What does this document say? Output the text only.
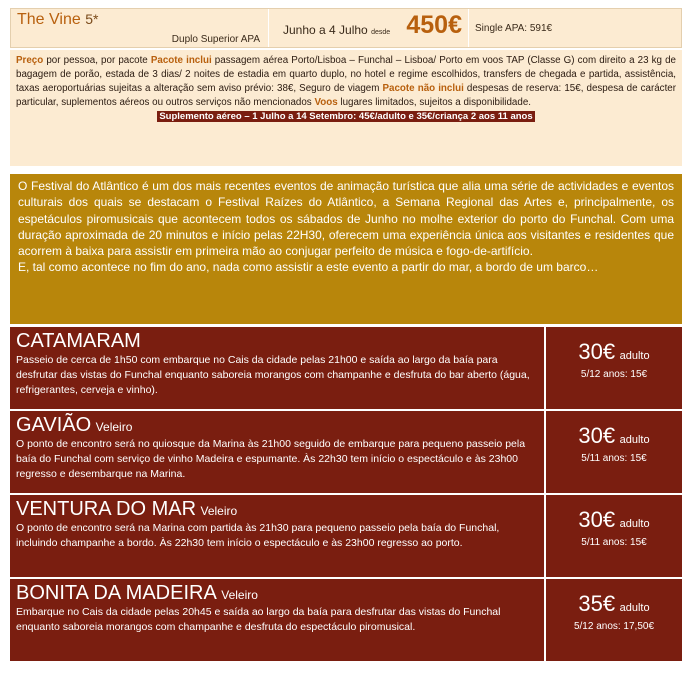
The Vine 5*
Duplo Superior APA
Junho a 4 Julho desde 450€ Single APA: 591€
Preço por pessoa, por pacote Pacote inclui passagem aérea Porto/Lisboa – Funchal – Lisboa/ Porto em voos TAP (Classe G) com direito a 23 kg de bagagem de porão, estada de 3 dias/ 2 noites de estadia em quarto duplo, no hotel e regime escolhidos, transfers de chegada e partida, assistência, taxas aeroportuárias sujeitas a alteração sem aviso prévio: 38€, Seguro de viagem Pacote não inclui despesas de reserva: 15€, despesa de carácter particular, suplementos aéreos ou outros serviços não mencionados Voos lugares limitados, sujeitos a disponibilidade.
Suplemento aéreo – 1 Julho a 14 Setembro: 45€/adulto e 35€/criança 2 aos 11 anos

O Festival do Atlântico é um dos mais recentes eventos de animação turística que alia uma série de actividades e eventos culturais dos quais se destacam o Festival Raízes do Atlântico, a Semana Regional das Artes e, principalmente, os espetáculos piromusicais que acontecem todos os sábados de Junho no molhe exterior do porto do Funchal. Com uma duração aproximada de 20 minutos e início pelas 22H30, oferecem uma experiência única aos visitantes e residentes que acorrem à baixa para assistir em primeira mão ao conjugar perfeito de música e fogo-de-artifício.

E, tal como acontece no fim do ano, nada como assistir a este evento a partir do mar, a bordo de um barco…

CATAMARAM
Passeio de cerca de 1h50 com embarque no Cais da cidade pelas 21h00 e saída ao largo da baía para desfrutar das vistas do Funchal enquanto saboreia morangos com champanhe e desfruta do bar aberto (água, refrigerantes, cerveja e vinho).
30€ adulto
5/12 anos: 15€
GAVIÃO Veleiro
O ponto de encontro será no quiosque da Marina às 21h00 seguido de embarque para pequeno passeio pela baía do Funchal com serviço de vinho Madeira e espumante. Às 22h30 tem início o espectáculo e às 23h00 regresso e desembarque na Marina.
30€ adulto
5/11 anos: 15€
VENTURA DO MAR Veleiro
O ponto de encontro será na Marina com partida às 21h30 para pequeno passeio pela baía do Funchal, incluindo champanhe a bordo. Às 22h30 tem início o espectáculo e às 23h00 regresso ao porto.
30€ adulto
5/11 anos: 15€
BONITA DA MADEIRA Veleiro
Embarque no Cais da cidade pelas 20h45 e saída ao largo da baía para desfrutar das vistas do Funchal enquanto saboreia morangos com champanhe e desfruta do espectáculo piromusical.
35€ adulto
5/12 anos: 17,50€
